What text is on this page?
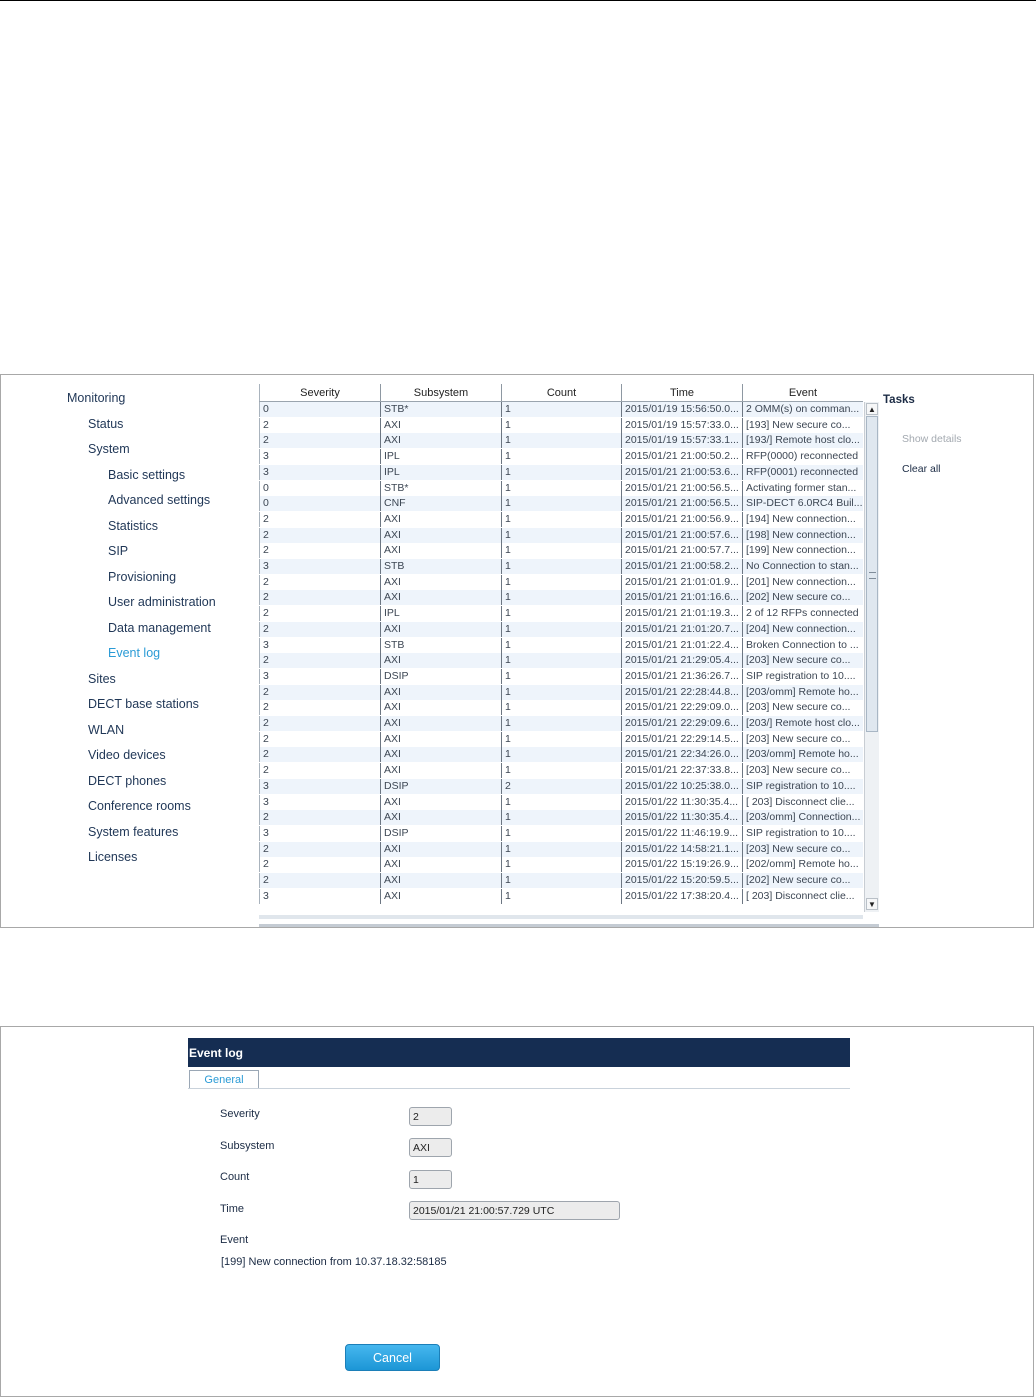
Monitoring
Status
System
Basic settings
Advanced settings
Statistics
SIP
Provisioning
User administration
Data management
Event log
Sites
DECT base stations
WLAN
Video devices
DECT phones
Conference rooms
System features
Licenses
Severity	Subsystem	Count	Time	Event
0	STB*	1	2015/01/19 15:56:50.0... 2 OMM(s) on comman...
2	AXI	1	2015/01/19 15:57:33.0... [193] New secure co...
2	AXI	1	2015/01/19 15:57:33.1... [193/] Remote host clo...
3	IPL	1	2015/01/21 21:00:50.2... RFP(0000) reconnected
3	IPL	1	2015/01/21 21:00:53.6... RFP(0001) reconnected
0	STB*	1	2015/01/21 21:00:56.5... Activating former stan...
0	CNF	1	2015/01/21 21:00:56.5... SIP-DECT 6.0RC4 Buil...
2	AXI	1	2015/01/21 21:00:56.9... [194] New connection...
2	AXI	1	2015/01/21 21:00:57.6... [198] New connection...
2	AXI	1	2015/01/21 21:00:57.7... [199] New connection...
3	STB	1	2015/01/21 21:00:58.2... No Connection to stan...
2	AXI	1	2015/01/21 21:01:01.9... [201] New connection...
2	AXI	1	2015/01/21 21:01:16.6... [202] New secure co...
2	IPL	1	2015/01/21 21:01:19.3... 2 of 12 RFPs connected
2	AXI	1	2015/01/21 21:01:20.7... [204] New connection...
3	STB	1	2015/01/21 21:01:22.4... Broken Connection to ...
2	AXI	1	2015/01/21 21:29:05.4... [203] New secure co...
3	DSIP	1	2015/01/21 21:36:26.7... SIP registration to 10....
2	AXI	1	2015/01/21 22:28:44.8... [203/omm] Remote ho...
2	AXI	1	2015/01/21 22:29:09.0... [203] New secure co...
2	AXI	1	2015/01/21 22:29:09.6... [203/] Remote host clo...
2	AXI	1	2015/01/21 22:29:14.5... [203] New secure co...
2	AXI	1	2015/01/21 22:34:26.0... [203/omm] Remote ho...
2	AXI	1	2015/01/21 22:37:33.8... [203] New secure co...
3	DSIP	2	2015/01/22 10:25:38.0... SIP registration to 10....
3	AXI	1	2015/01/22 11:30:35.4... [ 203] Disconnect clie...
2	AXI	1	2015/01/22 11:30:35.4... [203/omm] Connection...
3	DSIP	1	2015/01/22 11:46:19.9... SIP registration to 10....
2	AXI	1	2015/01/22 14:58:21.1... [203] New secure co...
2	AXI	1	2015/01/22 15:19:26.9... [202/omm] Remote ho...
2	AXI	1	2015/01/22 15:20:59.5... [202] New secure co...
3	AXI	1	2015/01/22 17:38:20.4... [ 203] Disconnect clie...
▲
▼
Tasks
Show details
Clear all
Event log
General
Severity	2
Subsystem	AXI
Count	1
Time	2015/01/21 21:00:57.729 UTC
Event
[199] New connection from 10.37.18.32:58185
Cancel
